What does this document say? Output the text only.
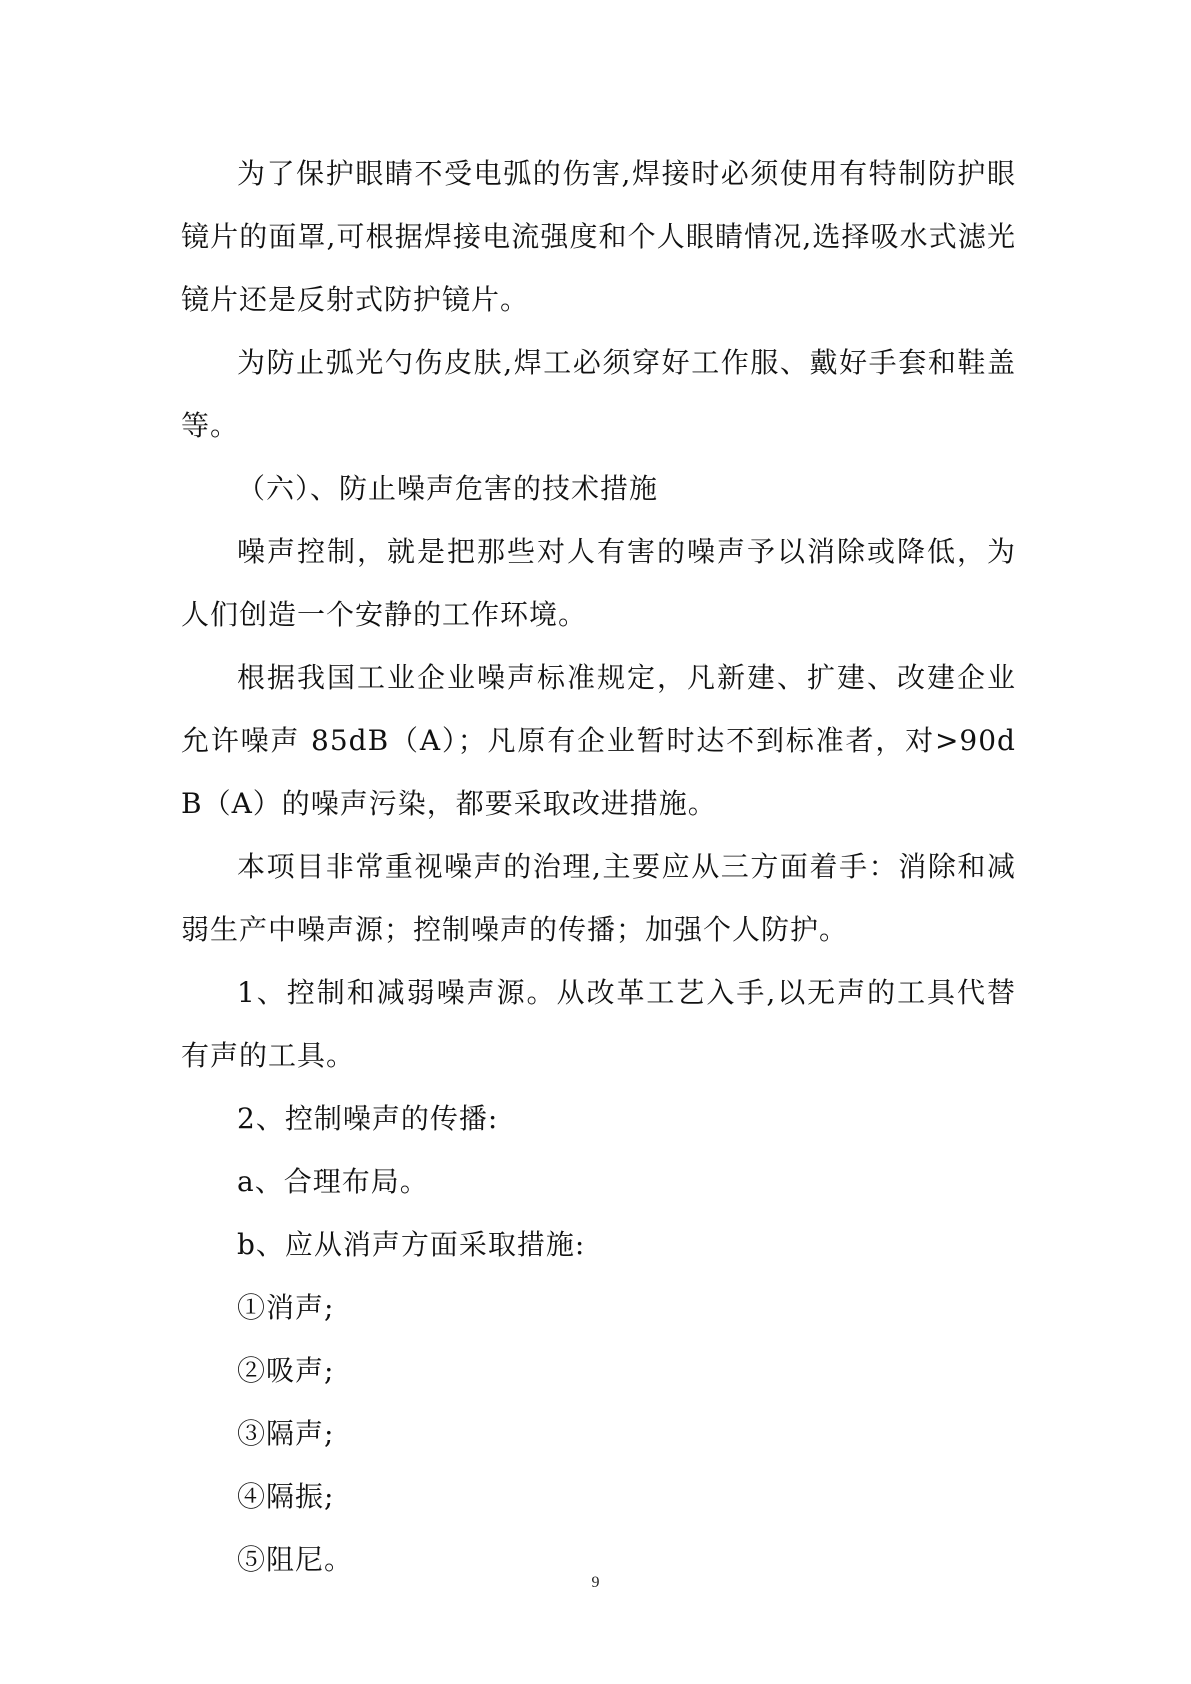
为了保护眼睛不受电弧的伤害,焊接时必须使用有特制防护眼镜片的面罩,可根据焊接电流强度和个人眼睛情况,选择吸水式滤光镜片还是反射式防护镜片。

为防止弧光勺伤皮肤,焊工必须穿好工作服、戴好手套和鞋盖等。

（六）、防止噪声危害的技术措施

噪声控制，就是把那些对人有害的噪声予以消除或降低，为人们创造一个安静的工作环境。

根据我国工业企业噪声标准规定，凡新建、扩建、改建企业允许噪声 85dB（A）；凡原有企业暂时达不到标准者，对>90dB（A）的噪声污染，都要采取改进措施。

本项目非常重视噪声的治理,主要应从三方面着手：消除和减弱生产中噪声源；控制噪声的传播；加强个人防护。

1、控制和减弱噪声源。从改革工艺入手,以无声的工具代替有声的工具。

2、控制噪声的传播:

a、合理布局。

b、应从消声方面采取措施:

①消声;

②吸声;

③隔声;

④隔振;

⑤阻尼。

9
